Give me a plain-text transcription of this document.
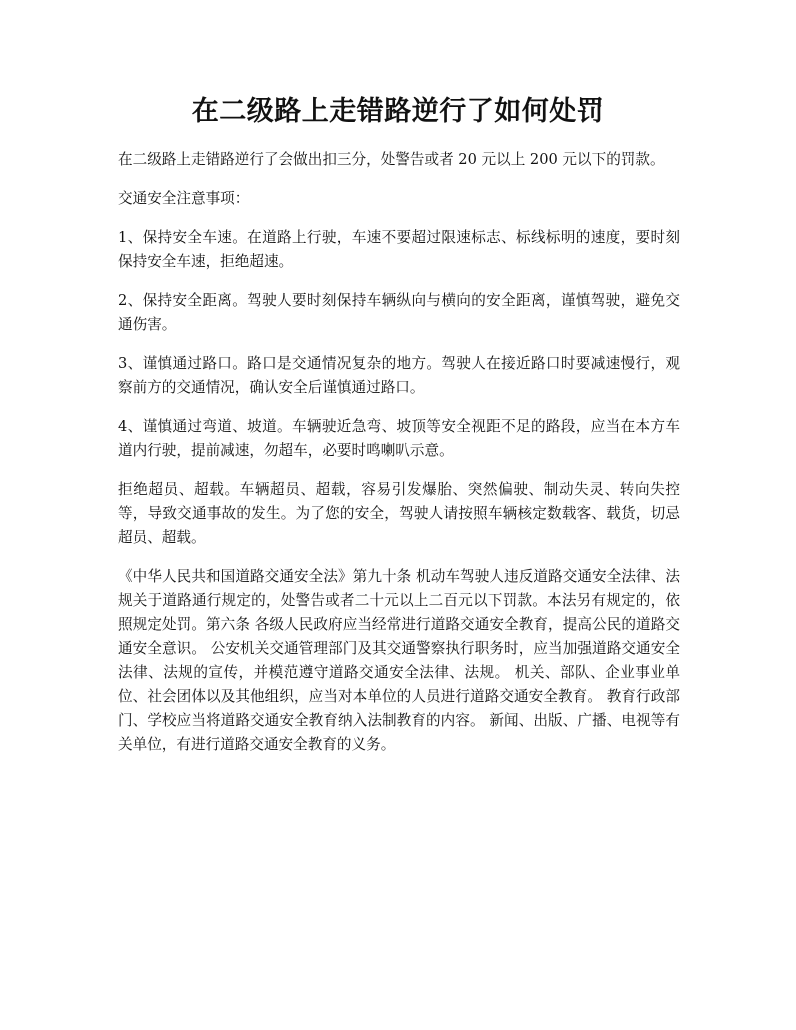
在二级路上走错路逆行了如何处罚

在二级路上走错路逆行了会做出扣三分，处警告或者 20 元以上 200 元以下的罚款。

交通安全注意事项：

1、保持安全车速。在道路上行驶，车速不要超过限速标志、标线标明的速度，要时刻保持安全车速，拒绝超速。

2、保持安全距离。驾驶人要时刻保持车辆纵向与横向的安全距离，谨慎驾驶，避免交通伤害。

3、谨慎通过路口。路口是交通情况复杂的地方。驾驶人在接近路口时要减速慢行，观察前方的交通情况，确认安全后谨慎通过路口。

4、谨慎通过弯道、坡道。车辆驶近急弯、坡顶等安全视距不足的路段，应当在本方车道内行驶，提前减速，勿超车，必要时鸣喇叭示意。

拒绝超员、超载。车辆超员、超载，容易引发爆胎、突然偏驶、制动失灵、转向失控等，导致交通事故的发生。为了您的安全，驾驶人请按照车辆核定数载客、载货，切忌超员、超载。

《中华人民共和国道路交通安全法》第九十条 机动车驾驶人违反道路交通安全法律、法规关于道路通行规定的，处警告或者二十元以上二百元以下罚款。本法另有规定的，依照规定处罚。第六条 各级人民政府应当经常进行道路交通安全教育，提高公民的道路交通安全意识。 公安机关交通管理部门及其交通警察执行职务时，应当加强道路交通安全法律、法规的宣传，并模范遵守道路交通安全法律、法规。 机关、部队、企业事业单位、社会团体以及其他组织，应当对本单位的人员进行道路交通安全教育。 教育行政部门、学校应当将道路交通安全教育纳入法制教育的内容。 新闻、出版、广播、电视等有关单位，有进行道路交通安全教育的义务。
